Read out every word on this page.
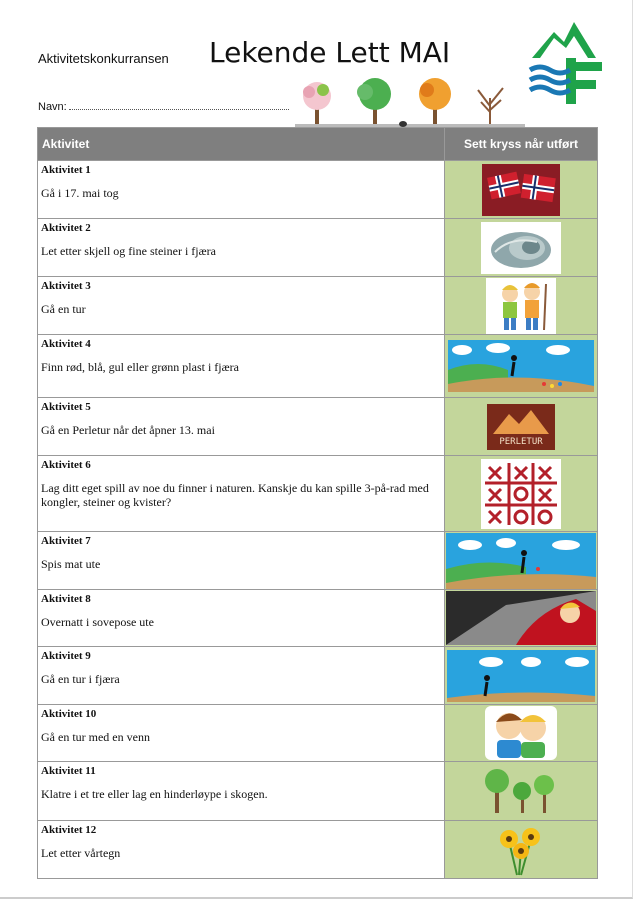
Aktivitetskonkurransen Lekende Lett MAI
Navn:
Aktivitet	Sett kryss når utført

Aktivitet 1
Gå i 17. mai tog

Aktivitet 2
Let etter skjell og fine steiner i fjæra

Aktivitet 3
Gå en tur

Aktivitet 4
Finn rød, blå, gul eller grønn plast i fjæra

Aktivitet 5
Gå en Perletur når det åpner 13. mai	PERLETUR

Aktivitet 6
Lag ditt eget spill av noe du finner i naturen. Kanskje du kan spille 3-på-rad med kongler, steiner og kvister?

Aktivitet 7
Spis mat ute

Aktivitet 8
Overnatt i sovepose ute

Aktivitet 9
Gå en tur i fjæra

Aktivitet 10
Gå en tur med en venn

Aktivitet 11
Klatre i et tre eller lag en hinderløype i skogen.

Aktivitet 12
Let etter vårtegn
